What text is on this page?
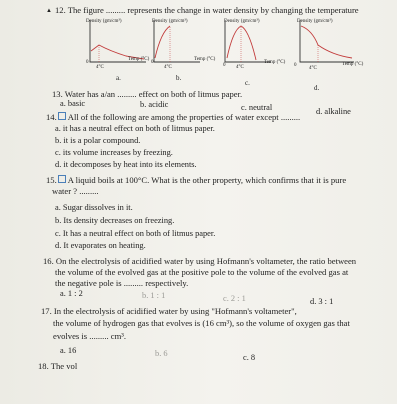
▲ 12. The figure ......... represents the change in water density by changing the temperature
Density (gm/cm³)
Temp (°C)
0
4°C
a.
Density (gm/cm³)
Temp (°C)
0
4°C
b.
Density (gm/cm³)
Temp (°C)
0 4°C
c.
Density (gm/cm³)
Temp (°C)
0
4°C
d.
13. Water has a/an ......... effect on both of litmus paper.
a. basic	b. acidic	c. neutral	d. alkaline
14. All of the following are among the properties of water except .........
a. it has a neutral effect on both of litmus paper.
b. it is a polar compound.
c. its volume increases by freezing.
d. it decomposes by heat into its elements.
15. A liquid boils at 100°C. What is the other property, which confirms that it is pure
water ? .........
a. Sugar dissolves in it.
b. Its density decreases on freezing.
c. It has a neutral effect on both of litmus paper.
d. It evaporates on heating.
16. On the electrolysis of acidified water by using Hofmann's voltameter, the ratio between
the volume of the evolved gas at the positive pole to the volume of the evolved gas at
the negative pole is ......... respectively.
a. 1 : 2	b. 1 : 1	c. 2 : 1	d. 3 : 1
17. In the electrolysis of acidified water by using "Hofmann's voltameter",
the volume of hydrogen gas that evolves is (16 cm³), so the volume of oxygen gas that
evolves is ......... cm³.
a. 16	b. 6	c. 8
18. The vol
